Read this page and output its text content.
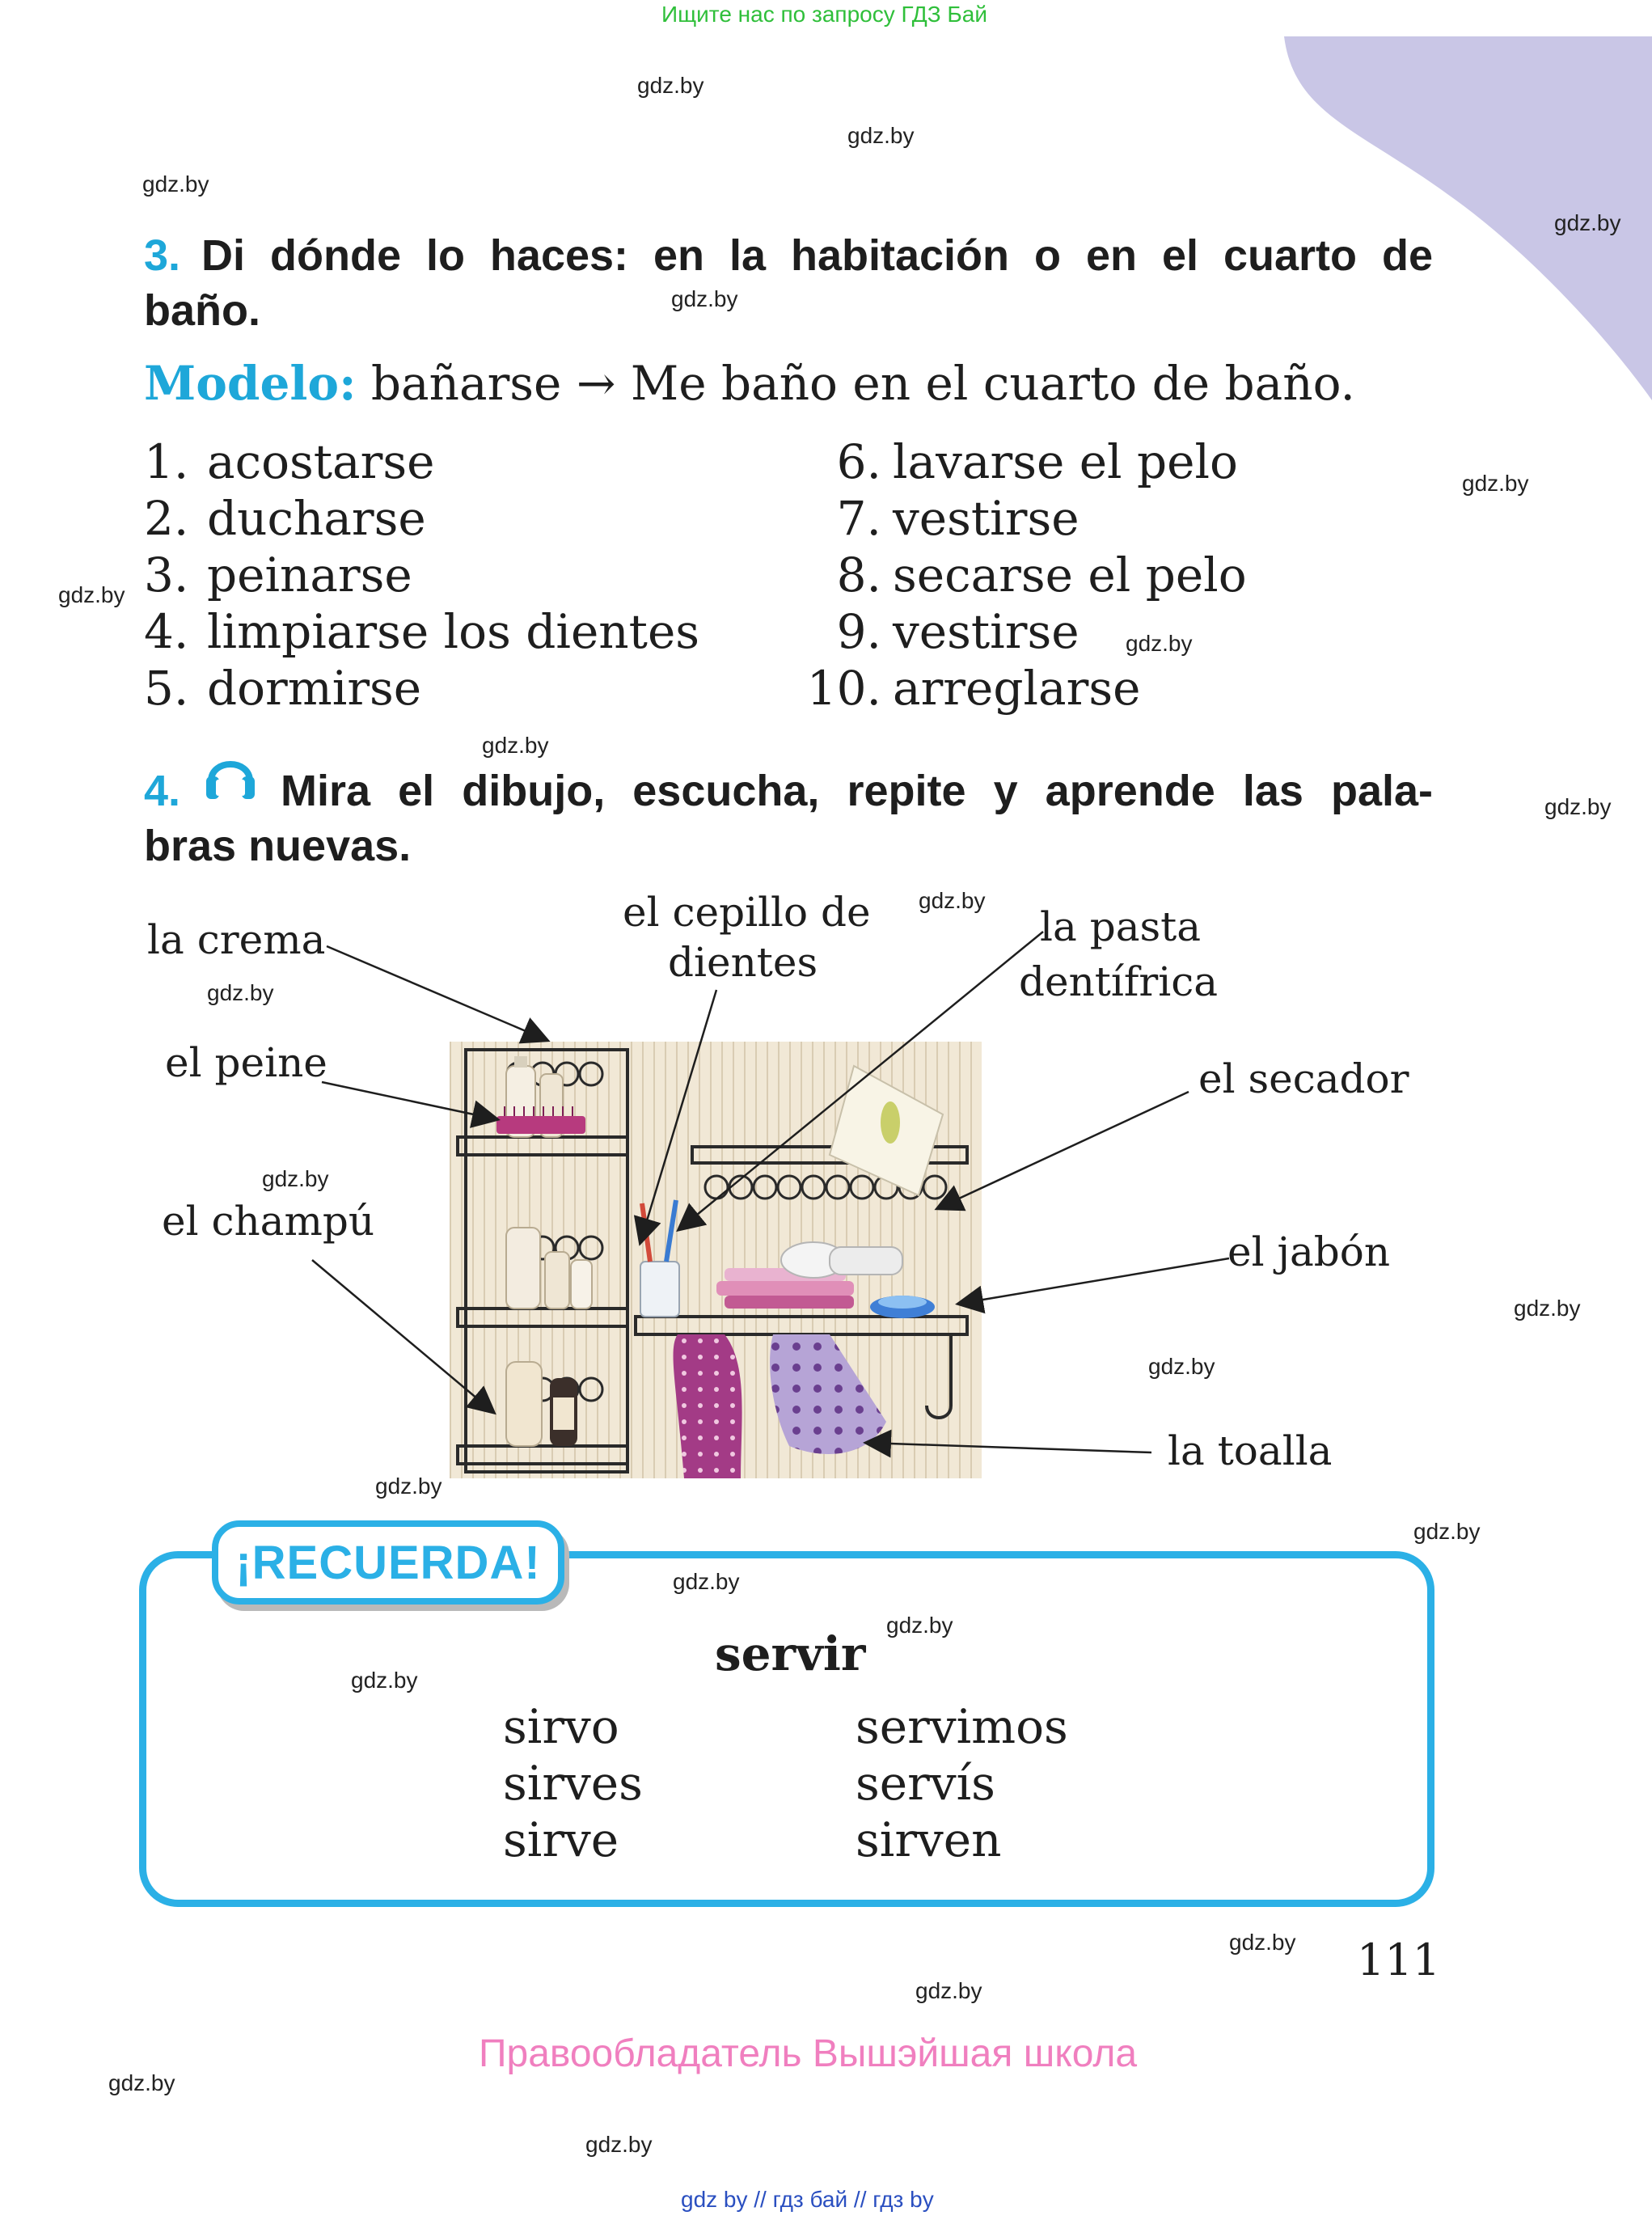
Ищите нас по запросу ГДЗ Бай
gdz.by
gdz.by
gdz.by
gdz.by
gdz.by
gdz.by
gdz.by
gdz.by
gdz.by
gdz.by
gdz.by
gdz.by
gdz.by
gdz.by
gdz.by
gdz.by
gdz.by
gdz.by
gdz.by
gdz.by
gdz.by
gdz.by
gdz.by
gdz.by
3. Di dónde lo haces: en la habitación o en el cuarto de
baño.
Modelo: bañarse → Me baño en el cuarto de baño.
1. acostarse
2. ducharse
3. peinarse
4. limpiarse los dientes
5. dormirse
6. lavarse el pelo
7. vestirse
8. secarse el pelo
9. vestirse
10. arreglarse
4. Mira el dibujo, escucha, repite y aprende las pala-
bras nuevas.
la crema
el cepillo de
dientes
la pasta
dentífrica
el peine	el secador
el champú
el jabón
la toalla
¡RECUERDA!
servir
sirvo
sirves
sirve
servimos
servís
sirven
111
Правообладатель Вышэйшая школа
gdz by // гдз бай // гдз by
